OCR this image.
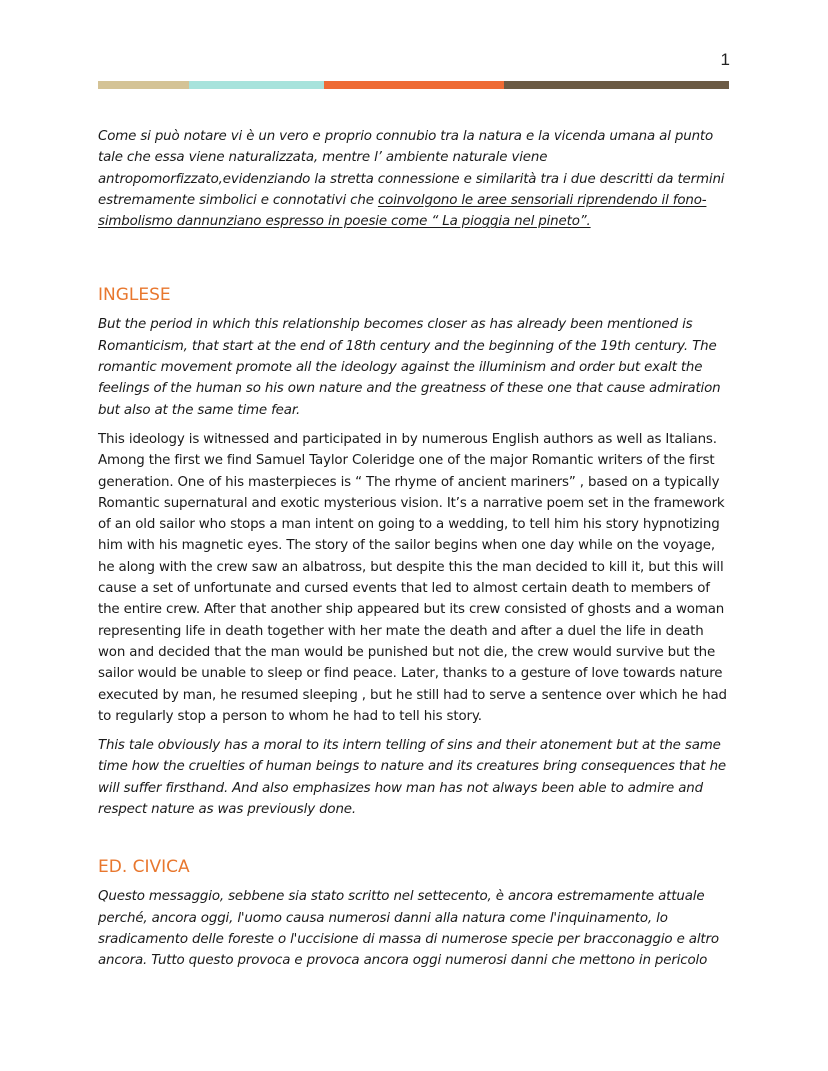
1

Come si può notare vi è un vero e proprio connubio tra la natura e la vicenda umana al punto tale che essa viene naturalizzata, mentre l’ ambiente naturale viene antropomorfizzato,evidenziando la stretta connessione e similarità tra i due descritti da termini estremamente simbolici e connotativi che coinvolgono le aree sensoriali riprendendo il fono-simbolismo dannunziano espresso in poesie come “ La pioggia nel pineto”.

INGLESE

But the period in which this relationship becomes closer as has already been mentioned is Romanticism, that start at the end of 18th century and the beginning of the 19th century. The romantic movement promote all the ideology against the illuminism and order but exalt the feelings of the human so his own nature and the greatness of these one that cause admiration but also at the same time fear.

This ideology is witnessed and participated in by numerous English authors as well as Italians. Among the first we find Samuel Taylor Coleridge one of the major Romantic writers of the first generation. One of his masterpieces is “ The rhyme of ancient mariners” , based on a typically Romantic supernatural and exotic mysterious vision. It’s a narrative poem set in the framework of an old sailor who stops a man intent on going to a wedding, to tell him his story hypnotizing him with his magnetic eyes. The story of the sailor begins when one day while on the voyage, he along with the crew saw an albatross, but despite this the man decided to kill it, but this will cause a set of unfortunate and cursed events that led to almost certain death to members of the entire crew. After that another ship appeared but its crew consisted of ghosts and a woman representing life in death together with her mate the death and after a duel the life in death won and decided that the man would be punished but not die, the crew would survive but the sailor would be unable to sleep or find peace. Later, thanks to a gesture of love towards nature executed by man, he resumed sleeping , but he still had to serve a sentence over which he had to regularly stop a person to whom he had to tell his story.

This tale obviously has a moral to its intern telling of sins and their atonement but at the same time how the cruelties of human beings to nature and its creatures bring consequences that he will suffer firsthand. And also emphasizes how man has not always been able to admire and respect nature as was previously done.

ED. CIVICA

Questo messaggio, sebbene sia stato scritto nel settecento, è ancora estremamente attuale perché, ancora oggi, l'uomo causa numerosi danni alla natura come l'inquinamento, lo sradicamento delle foreste o l'uccisione di massa di numerose specie per bracconaggio e altro ancora. Tutto questo provoca e provoca ancora oggi numerosi danni che mettono in pericolo
